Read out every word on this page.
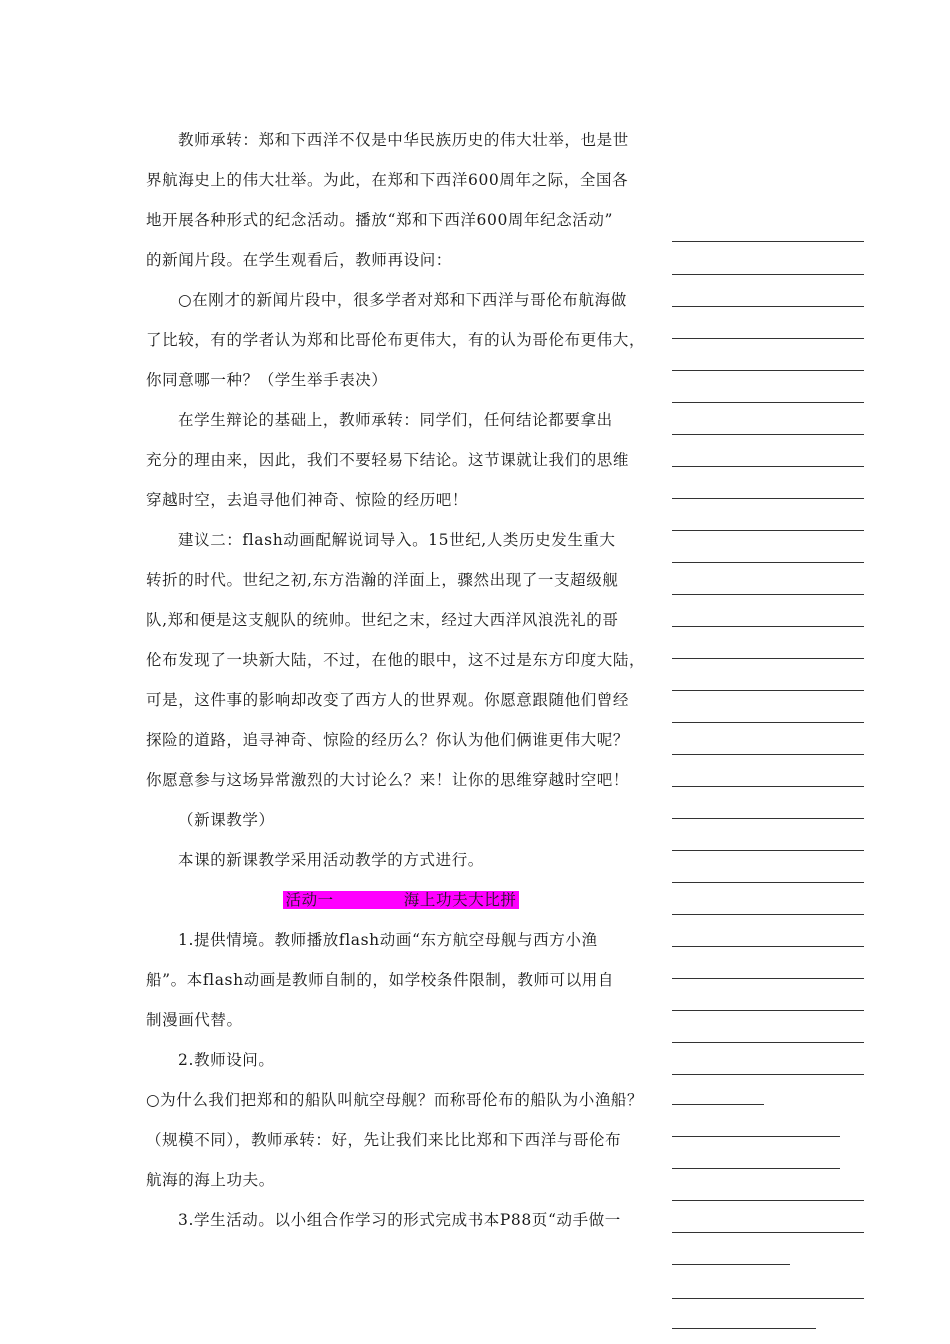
教师承转：郑和下西洋不仅是中华民族历史的伟大壮举，也是世

界航海史上的伟大壮举。为此，在郑和下西洋600周年之际，全国各

地开展各种形式的纪念活动。播放“郑和下西洋600周年纪念活动”

的新闻片段。在学生观看后，教师再设问：

○在刚才的新闻片段中，很多学者对郑和下西洋与哥伦布航海做

了比较，有的学者认为郑和比哥伦布更伟大，有的认为哥伦布更伟大，

你同意哪一种？（学生举手表决）

在学生辩论的基础上，教师承转：同学们，任何结论都要拿出

充分的理由来，因此，我们不要轻易下结论。这节课就让我们的思维

穿越时空，去追寻他们神奇、惊险的经历吧！

建议二：flash动画配解说词导入。15世纪,人类历史发生重大

转折的时代。世纪之初,东方浩瀚的洋面上，骤然出现了一支超级舰

队,郑和便是这支舰队的统帅。世纪之末，经过大西洋风浪洗礼的哥

伦布发现了一块新大陆，不过，在他的眼中，这不过是东方印度大陆，

可是，这件事的影响却改变了西方人的世界观。你愿意跟随他们曾经

探险的道路，追寻神奇、惊险的经历么？你认为他们俩谁更伟大呢？

你愿意参与这场异常激烈的大讨论么？来！让你的思维穿越时空吧！

（新课教学）

本课的新课教学采用活动教学的方式进行。

活动一	海上功夫大比拼

1.提供情境。教师播放flash动画“东方航空母舰与西方小渔

船”。本flash动画是教师自制的，如学校条件限制，教师可以用自

制漫画代替。

2.教师设问。

○为什么我们把郑和的船队叫航空母舰？而称哥伦布的船队为小渔船？

（规模不同），教师承转：好，先让我们来比比郑和下西洋与哥伦布

航海的海上功夫。

3.学生活动。以小组合作学习的形式完成书本P88页“动手做一
